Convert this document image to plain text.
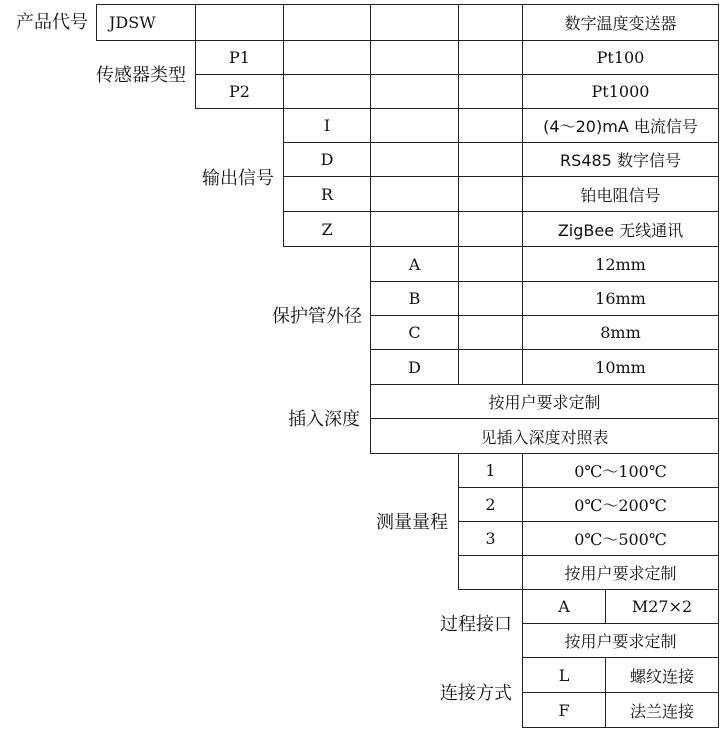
产品代号	JDSW	数字温度变送器
传感器类型
P1	Pt100
P2	Pt1000
输出信号
I	(4～20)mA 电流信号
D	RS485 数字信号
R	铂电阻信号
Z	ZigBee 无线通讯
保护管外径
A	12mm
B	16mm
C	8mm
D	10mm
插入深度
按用户要求定制
见插入深度对照表
测量量程
1	0℃～100℃
2	0℃～200℃
3	0℃～500℃
按用户要求定制
过程接口
A	M27×2
按用户要求定制
连接方式
L	螺纹连接
F	法兰连接
